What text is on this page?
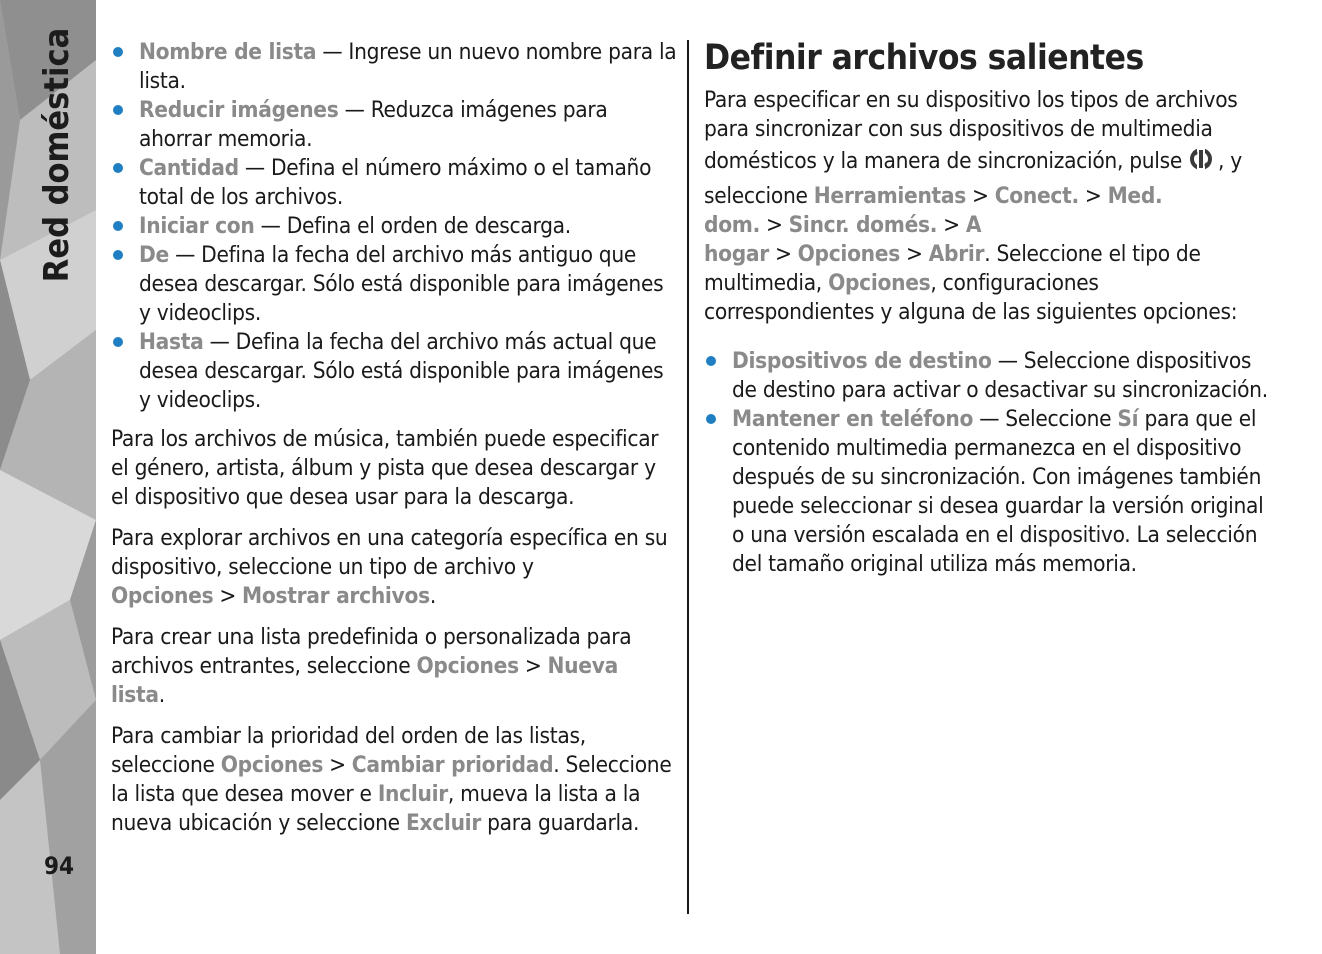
Red doméstica
94
Nombre de lista — Ingrese un nuevo nombre para la lista.
Reducir imágenes — Reduzca imágenes para ahorrar memoria.
Cantidad — Defina el número máximo o el tamaño total de los archivos.
Iniciar con — Defina el orden de descarga.
De — Defina la fecha del archivo más antiguo que desea descargar. Sólo está disponible para imágenes y videoclips.
Hasta — Defina la fecha del archivo más actual que desea descargar. Sólo está disponible para imágenes y videoclips.

Para los archivos de música, también puede especificar el género, artista, álbum y pista que desea descargar y el dispositivo que desea usar para la descarga.

Para explorar archivos en una categoría específica en su dispositivo, seleccione un tipo de archivo y Opciones > Mostrar archivos.

Para crear una lista predefinida o personalizada para archivos entrantes, seleccione Opciones > Nueva lista.

Para cambiar la prioridad del orden de las listas, seleccione Opciones > Cambiar prioridad. Seleccione la lista que desea mover e Incluir, mueva la lista a la nueva ubicación y seleccione Excluir para guardarla.

Definir archivos salientes

Para especificar en su dispositivo los tipos de archivos para sincronizar con sus dispositivos de multimedia domésticos y la manera de sincronización, pulse , y seleccione Herramientas > Conect. > Med. dom. > Sincr. domés. > A hogar > Opciones > Abrir. Seleccione el tipo de multimedia, Opciones, configuraciones correspondientes y alguna de las siguientes opciones:

Dispositivos de destino — Seleccione dispositivos de destino para activar o desactivar su sincronización.
Mantener en teléfono — Seleccione Sí para que el contenido multimedia permanezca en el dispositivo después de su sincronización. Con imágenes también puede seleccionar si desea guardar la versión original o una versión escalada en el dispositivo. La selección del tamaño original utiliza más memoria.
